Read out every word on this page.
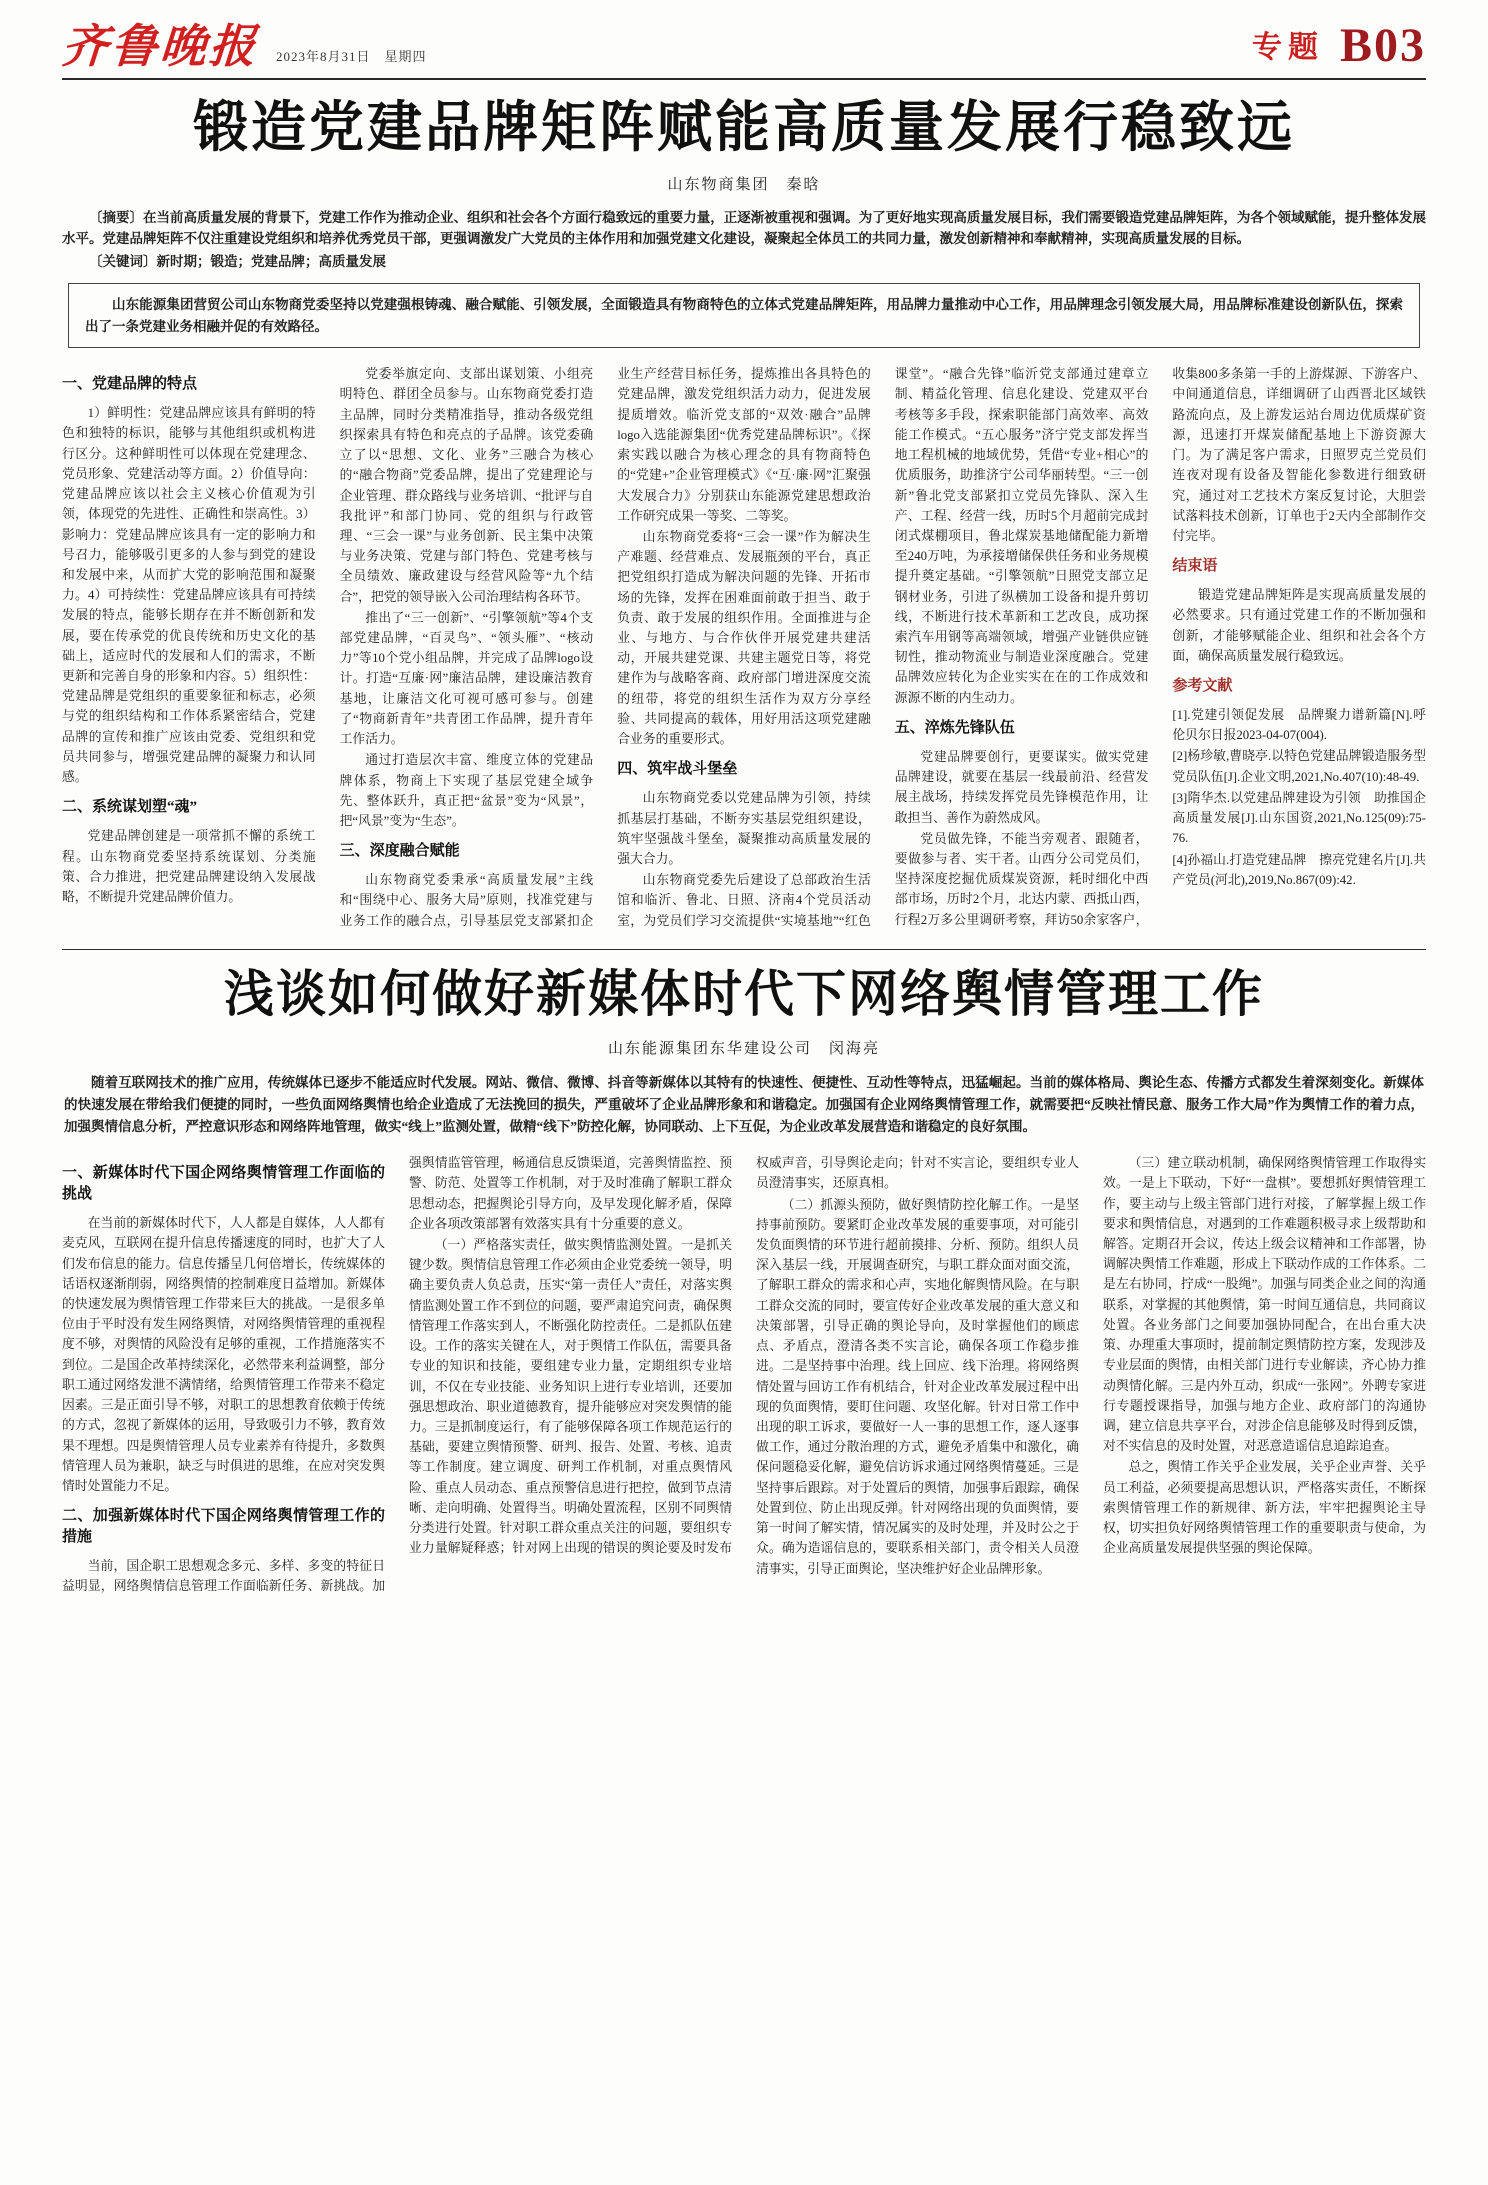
齐鲁晚报 2023年8月31日　星期四	专题 B03
锻造党建品牌矩阵赋能高质量发展行稳致远
山东物商集团　秦晗

〔摘要〕在当前高质量发展的背景下，党建工作作为推动企业、组织和社会各个方面行稳致远的重要力量，正逐渐被重视和强调。为了更好地实现高质量发展目标，我们需要锻造党建品牌矩阵，为各个领域赋能，提升整体发展水平。党建品牌矩阵不仅注重建设党组织和培养优秀党员干部，更强调激发广大党员的主体作用和加强党建文化建设，凝聚起全体员工的共同力量，激发创新精神和奉献精神，实现高质量发展的目标。

〔关键词〕新时期；锻造；党建品牌；高质量发展

山东能源集团营贸公司山东物商党委坚持以党建强根铸魂、融合赋能、引领发展，全面锻造具有物商特色的立体式党建品牌矩阵，用品牌力量推动中心工作，用品牌理念引领发展大局，用品牌标准建设创新队伍，探索出了一条党建业务相融并促的有效路径。

一、党建品牌的特点

1）鲜明性：党建品牌应该具有鲜明的特色和独特的标识，能够与其他组织或机构进行区分。这种鲜明性可以体现在党建理念、党员形象、党建活动等方面。2）价值导向：党建品牌应该以社会主义核心价值观为引领，体现党的先进性、正确性和崇高性。3）影响力：党建品牌应该具有一定的影响力和号召力，能够吸引更多的人参与到党的建设和发展中来，从而扩大党的影响范围和凝聚力。4）可持续性：党建品牌应该具有可持续发展的特点，能够长期存在并不断创新和发展，要在传承党的优良传统和历史文化的基础上，适应时代的发展和人们的需求，不断更新和完善自身的形象和内容。5）组织性：党建品牌是党组织的重要象征和标志，必须与党的组织结构和工作体系紧密结合，党建品牌的宣传和推广应该由党委、党组织和党员共同参与，增强党建品牌的凝聚力和认同感。

二、系统谋划塑“魂”

党建品牌创建是一项常抓不懈的系统工程。山东物商党委坚持系统谋划、分类施策、合力推进，把党建品牌建设纳入发展战略，不断提升党建品牌价值力。

党委举旗定向、支部出谋划策、小组亮明特色、群团全员参与。山东物商党委打造主品牌，同时分类精准指导，推动各级党组织探索具有特色和亮点的子品牌。该党委确立了以“思想、文化、业务”三融合为核心的“融合物商”党委品牌，提出了党建理论与企业管理、群众路线与业务培训、“批评与自我批评”和部门协同、党的组织与行政管理、“三会一课”与业务创新、民主集中决策与业务决策、党建与部门特色、党建考核与全员绩效、廉政建设与经营风险等“九个结合”，把党的领导嵌入公司治理结构各环节。

推出了“三一创新”、“引擎领航”等4个支部党建品牌，“百灵鸟”、“领头雁”、“核动力”等10个党小组品牌，并完成了品牌logo设计。打造“互廉·网”廉洁品牌，建设廉洁教育基地，让廉洁文化可视可感可参与。创建了“物商新青年”共青团工作品牌，提升青年工作活力。

通过打造层次丰富、维度立体的党建品牌体系，物商上下实现了基层党建全域争先、整体跃升，真正把“盆景”变为“风景”，把“风景”变为“生态”。

三、深度融合赋能

山东物商党委秉承“高质量发展”主线和“围绕中心、服务大局”原则，找准党建与业务工作的融合点，引导基层党支部紧扣企业生产经营目标任务，提炼推出各具特色的党建品牌，激发党组织活力动力，促进发展提质增效。临沂党支部的“双效·融合”品牌logo入选能源集团“优秀党建品牌标识”。《探索实践以融合为核心理念的具有物商特色的“党建+”企业管理模式》《“互·廉·网”汇聚强大发展合力》分别获山东能源党建思想政治工作研究成果一等奖、二等奖。

山东物商党委将“三会一课”作为解决生产难题、经营难点、发展瓶颈的平台，真正把党组织打造成为解决问题的先锋、开拓市场的先锋，发挥在困难面前敢于担当、敢于负责、敢于发展的组织作用。全面推进与企业、与地方、与合作伙伴开展党建共建活动，开展共建党课、共建主题党日等，将党建作为与战略客商、政府部门增进深度交流的纽带，将党的组织生活作为双方分享经验、共同提高的载体，用好用活这项党建融合业务的重要形式。

四、筑牢战斗堡垒

山东物商党委以党建品牌为引领，持续抓基层打基础，不断夯实基层党组织建设，筑牢坚强战斗堡垒，凝聚推动高质量发展的强大合力。

山东物商党委先后建设了总部政治生活馆和临沂、鲁北、日照、济南4个党员活动室，为党员们学习交流提供“实境基地”“红色课堂”。“融合先锋”临沂党支部通过建章立制、精益化管理、信息化建设、党建双平台考核等多手段，探索职能部门高效率、高效能工作模式。“五心服务”济宁党支部发挥当地工程机械的地域优势，凭借“专业+相心”的优质服务，助推济宁公司华丽转型。“三一创新”鲁北党支部紧扣立党员先锋队、深入生产、工程、经营一线，历时5个月超前完成封闭式煤棚项目，鲁北煤炭基地储配能力新增至240万吨，为承接增储保供任务和业务规模提升奠定基础。“引擎领航”日照党支部立足钢材业务，引进了纵横加工设备和提升剪切线，不断进行技术革新和工艺改良，成功探索汽车用钢等高端领域，增强产业链供应链韧性，推动物流业与制造业深度融合。党建品牌效应转化为企业实实在在的工作成效和源源不断的内生动力。

五、淬炼先锋队伍

党建品牌要创行，更要谋实。做实党建品牌建设，就要在基层一线最前沿、经营发展主战场，持续发挥党员先锋模范作用，让敢担当、善作为蔚然成风。

党员做先锋，不能当旁观者、跟随者，要做参与者、实干者。山西分公司党员们，坚持深度挖掘优质煤炭资源，耗时细化中西部市场，历时2个月，北达内蒙、西抵山西，行程2万多公里调研考察，拜访50余家客户，收集800多条第一手的上游煤源、下游客户、中间通道信息，详细调研了山西晋北区域铁路流向点，及上游发运站台周边优质煤矿资源，迅速打开煤炭储配基地上下游资源大门。为了满足客户需求，日照罗克兰党员们连夜对现有设备及智能化参数进行细致研究，通过对工艺技术方案反复讨论，大胆尝试落料技术创新，订单也于2天内全部制作交付完毕。

结束语

锻造党建品牌矩阵是实现高质量发展的必然要求。只有通过党建工作的不断加强和创新，才能够赋能企业、组织和社会各个方面，确保高质量发展行稳致远。

参考文献

[1].党建引领促发展　品牌聚力谱新篇[N].呼伦贝尔日报2023-04-07(004).

[2]杨珍敏,曹晓亭.以特色党建品牌锻造服务型党员队伍[J].企业文明,2021,No.407(10):48-49.

[3]隋华杰.以党建品牌建设为引领　助推国企高质量发展[J].山东国资,2021,No.125(09):75-76.

[4]孙福山.打造党建品牌　擦亮党建名片[J].共产党员(河北),2019,No.867(09):42.

浅谈如何做好新媒体时代下网络舆情管理工作
山东能源集团东华建设公司　闵海亮

随着互联网技术的推广应用，传统媒体已逐步不能适应时代发展。网站、微信、微博、抖音等新媒体以其特有的快速性、便捷性、互动性等特点，迅猛崛起。当前的媒体格局、舆论生态、传播方式都发生着深刻变化。新媒体的快速发展在带给我们便捷的同时，一些负面网络舆情也给企业造成了无法挽回的损失，严重破坏了企业品牌形象和和谐稳定。加强国有企业网络舆情管理工作，就需要把“反映社情民意、服务工作大局”作为舆情工作的着力点，加强舆情信息分析，严控意识形态和网络阵地管理，做实“线上”监测处置，做精“线下”防控化解，协同联动、上下互促，为企业改革发展营造和谐稳定的良好氛围。

一、新媒体时代下国企网络舆情管理工作面临的挑战

在当前的新媒体时代下，人人都是自媒体，人人都有麦克风，互联网在提升信息传播速度的同时，也扩大了人们发布信息的能力。信息传播呈几何倍增长，传统媒体的话语权逐渐削弱，网络舆情的控制难度日益增加。新媒体的快速发展为舆情管理工作带来巨大的挑战。一是很多单位由于平时没有发生网络舆情，对网络舆情管理的重视程度不够，对舆情的风险没有足够的重视，工作措施落实不到位。二是国企改革持续深化，必然带来利益调整，部分职工通过网络发泄不满情绪，给舆情管理工作带来不稳定因素。三是正面引导不够，对职工的思想教育依赖于传统的方式，忽视了新媒体的运用，导致吸引力不够，教育效果不理想。四是舆情管理人员专业素养有待提升，多数舆情管理人员为兼职，缺乏与时俱进的思维，在应对突发舆情时处置能力不足。

二、加强新媒体时代下国企网络舆情管理工作的措施

当前，国企职工思想观念多元、多样、多变的特征日益明显，网络舆情信息管理工作面临新任务、新挑战。加强舆情监管管理，畅通信息反馈渠道，完善舆情监控、预警、防范、处置等工作机制，对于及时准确了解职工群众思想动态，把握舆论引导方向，及早发现化解矛盾，保障企业各项改策部署有效落实具有十分重要的意义。

（一）严格落实责任，做实舆情监测处置。一是抓关键少数。舆情信息管理工作必须由企业党委统一领导，明确主要负责人负总责，压实“第一责任人”责任，对落实舆情监测处置工作不到位的问题，要严肃追究问责，确保舆情管理工作落实到人，不断强化防控责任。二是抓队伍建设。工作的落实关键在人，对于舆情工作队伍，需要具备专业的知识和技能，要组建专业力量，定期组织专业培训，不仅在专业技能、业务知识上进行专业培训，还要加强思想政治、职业道德教育，提升能够应对突发舆情的能力。三是抓制度运行，有了能够保障各项工作规范运行的基础，要建立舆情预警、研判、报告、处置、考核、追责等工作制度。建立调度、研判工作机制，对重点舆情风险、重点人员动态、重点预警信息进行把控，做到节点清晰、走向明确、处置得当。明确处置流程，区别不同舆情分类进行处置。针对职工群众重点关注的问题，要组织专业力量解疑释惑；针对网上出现的错误的舆论要及时发布权威声音，引导舆论走向；针对不实言论，要组织专业人员澄清事实，还原真相。

（二）抓源头预防，做好舆情防控化解工作。一是坚持事前预防。要紧盯企业改革发展的重要事项，对可能引发负面舆情的环节进行超前摸排、分析、预防。组织人员深入基层一线，开展调查研究，与职工群众面对面交流，了解职工群众的需求和心声，实地化解舆情风险。在与职工群众交流的同时，要宣传好企业改革发展的重大意义和决策部署，引导正确的舆论导向，及时掌握他们的顾虑点、矛盾点，澄清各类不实言论，确保各项工作稳步推进。二是坚持事中治理。线上回应、线下治理。将网络舆情处置与回访工作有机结合，针对企业改革发展过程中出现的负面舆情，要盯住问题、攻坚化解。针对日常工作中出现的职工诉求，要做好一人一事的思想工作，逐人逐事做工作，通过分散治理的方式，避免矛盾集中和激化，确保问题稳妥化解，避免信访诉求通过网络舆情蔓延。三是坚持事后跟踪。对于处置后的舆情，加强事后跟踪，确保处置到位、防止出现反弹。针对网络出现的负面舆情，要第一时间了解实情，情况属实的及时处理，并及时公之于众。确为造谣信息的，要联系相关部门，责令相关人员澄清事实，引导正面舆论，坚决维护好企业品牌形象。

（三）建立联动机制，确保网络舆情管理工作取得实效。一是上下联动，下好“一盘棋”。要想抓好舆情管理工作，要主动与上级主管部门进行对接，了解掌握上级工作要求和舆情信息，对遇到的工作难题积极寻求上级帮助和解答。定期召开会议，传达上级会议精神和工作部署，协调解决舆情工作难题，形成上下联动作成的工作体系。二是左右协同，拧成“一股绳”。加强与同类企业之间的沟通联系，对掌握的其他舆情，第一时间互通信息，共同商议处置。各业务部门之间要加强协同配合，在出台重大决策、办理重大事项时，提前制定舆情防控方案，发现涉及专业层面的舆情，由相关部门进行专业解读，齐心协力推动舆情化解。三是内外互动，织成“一张网”。外聘专家进行专题授课指导，加强与地方企业、政府部门的沟通协调，建立信息共享平台，对涉企信息能够及时得到反馈，对不实信息的及时处置，对恶意造谣信息追踪追查。

总之，舆情工作关乎企业发展，关乎企业声誉、关乎员工利益，必须要提高思想认识，严格落实责任，不断探索舆情管理工作的新规律、新方法，牢牢把握舆论主导权，切实担负好网络舆情管理工作的重要职责与使命，为企业高质量发展提供坚强的舆论保障。
